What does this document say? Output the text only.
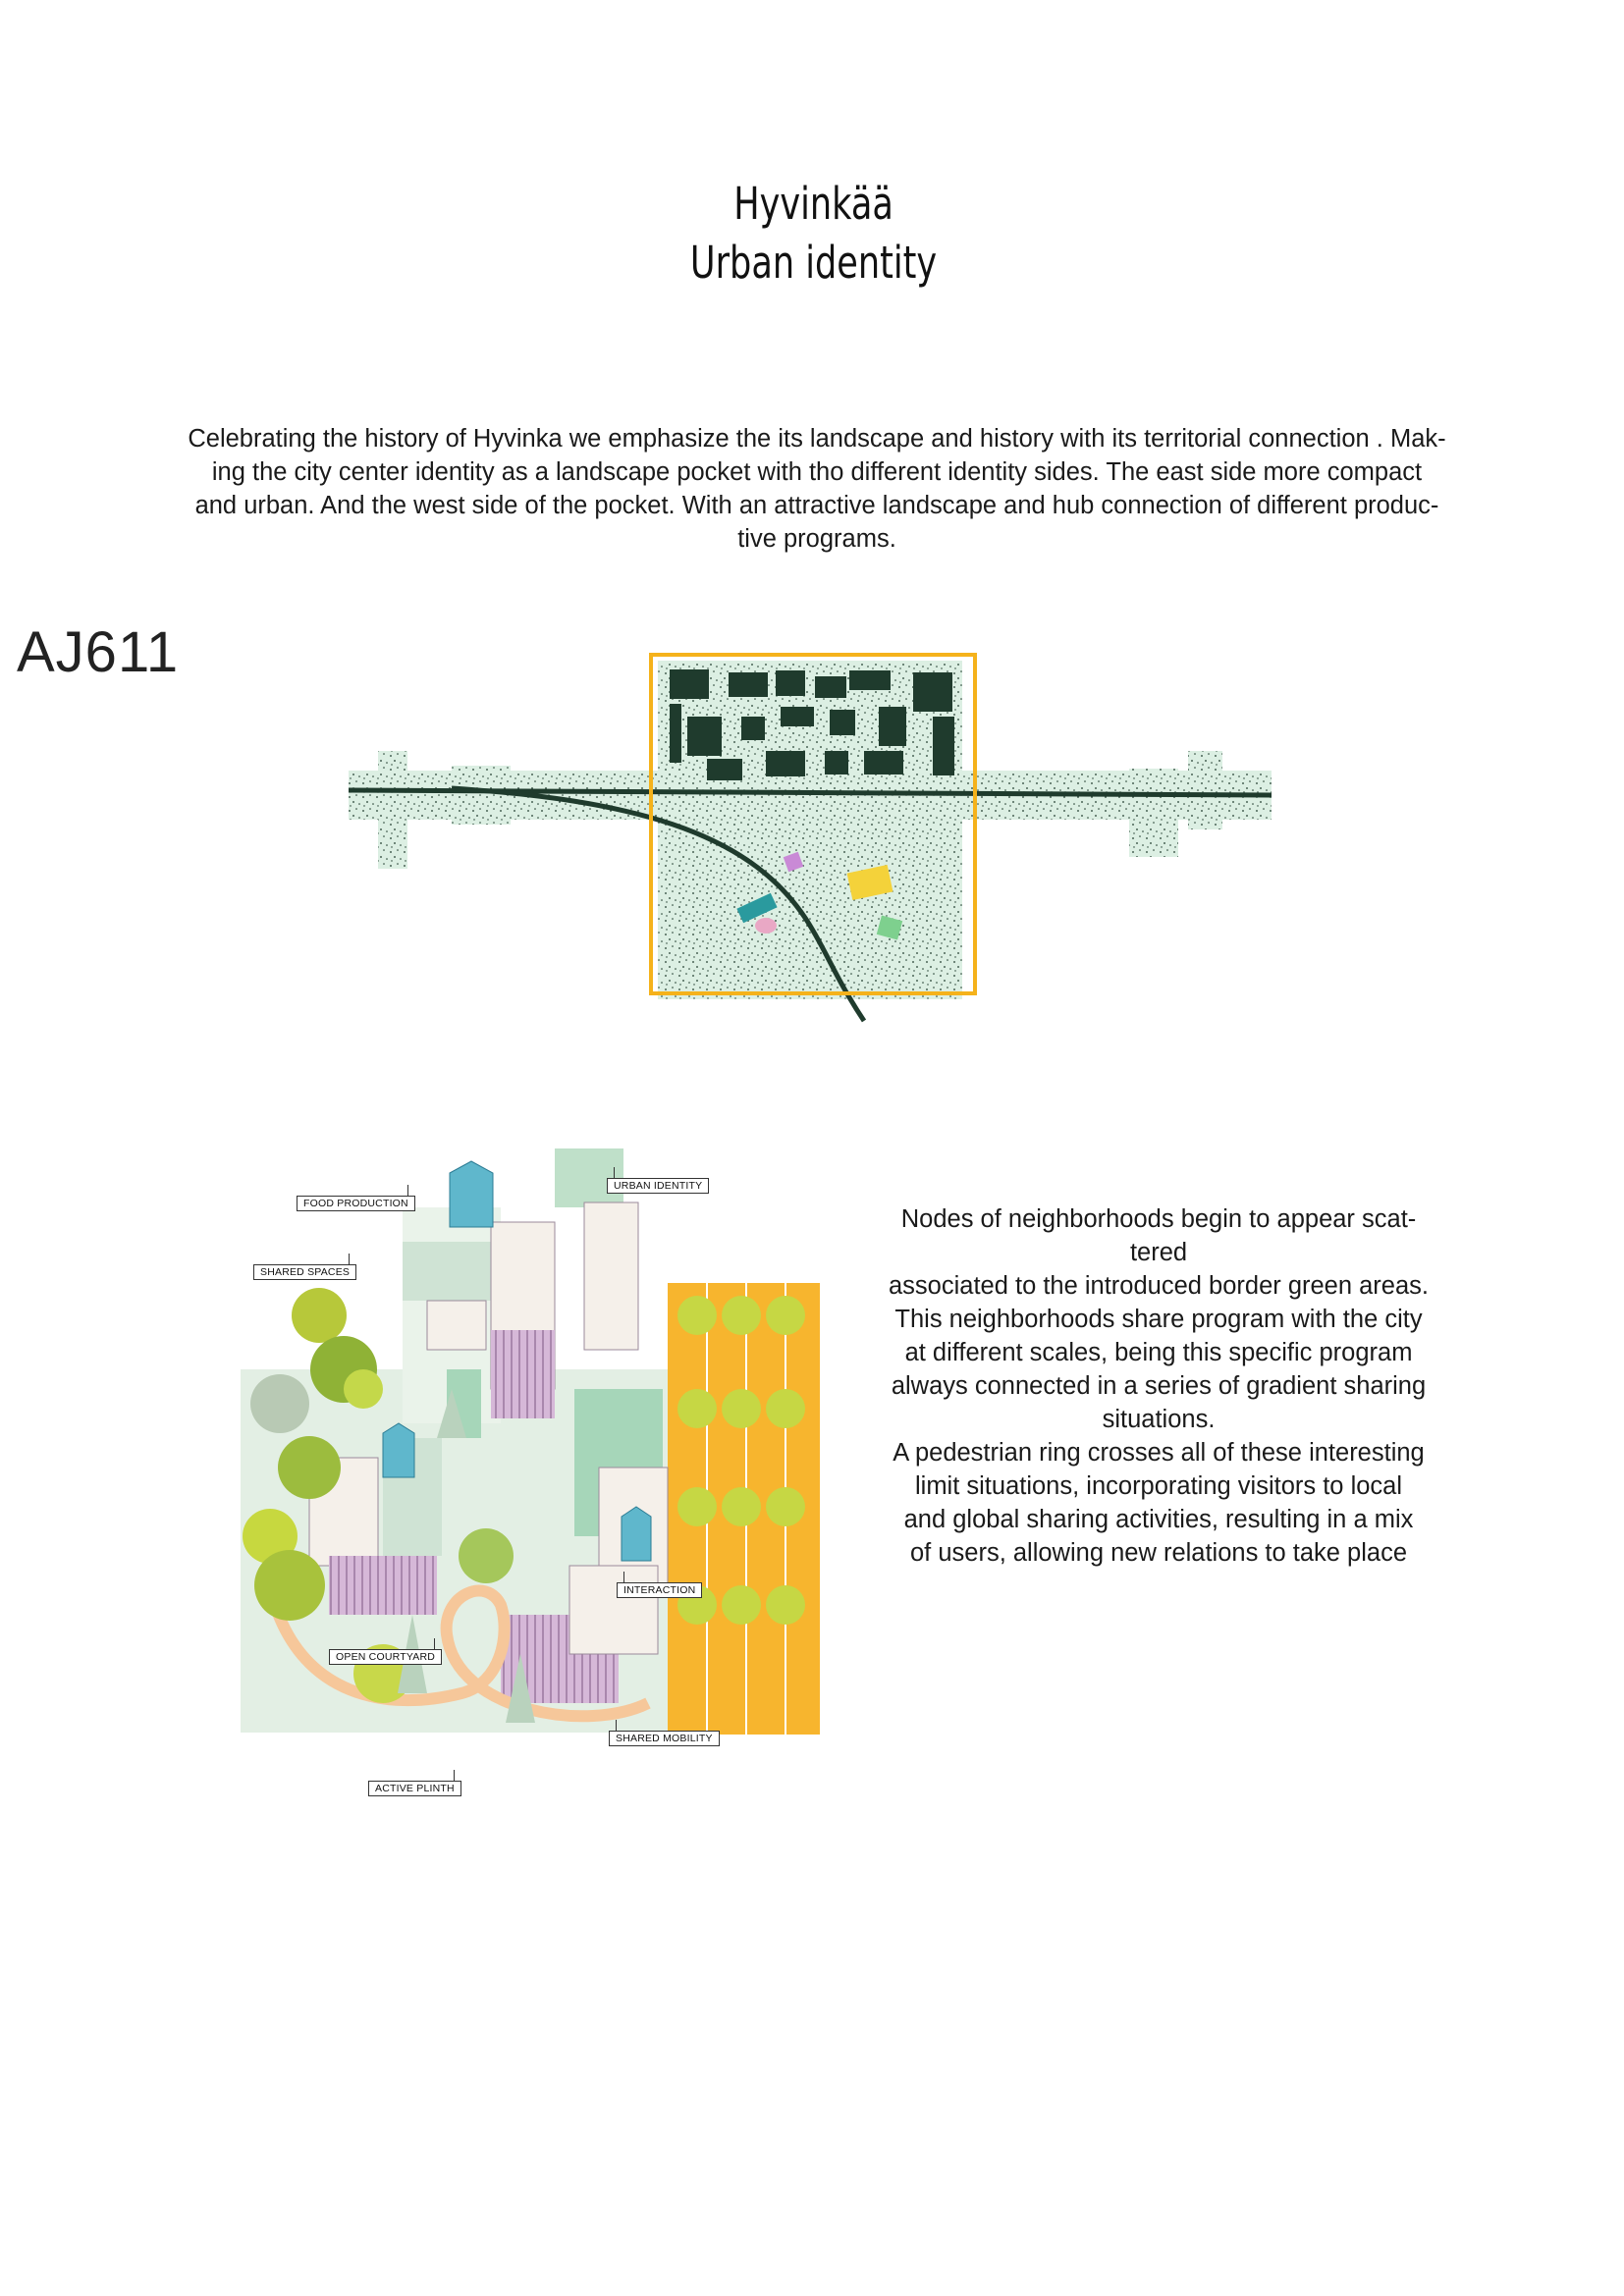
Hyvinkää
Urban identity
Celebrating the history of Hyvinka we emphasize the its landscape and history with its territorial connection . Mak-
ing the city center identity as a landscape pocket with tho different identity sides. The east side more compact
and urban. And the west side of the pocket. With an attractive landscape and hub connection of different produc-
tive programs.
AJ611
FOOD PRODUCTION
URBAN IDENTITY
SHARED SPACES
INTERACTION
OPEN COURTYARD
SHARED MOBILITY
ACTIVE PLINTH
Nodes of neighborhoods begin to appear scat-
tered
associated to the introduced border green areas.
This neighborhoods share program with the city
at different scales, being this specific program
always connected in a series of gradient sharing
situations.
A pedestrian ring crosses all of these interesting
limit situations, incorporating visitors to local
and global sharing activities, resulting in a mix
of users, allowing new relations to take place
